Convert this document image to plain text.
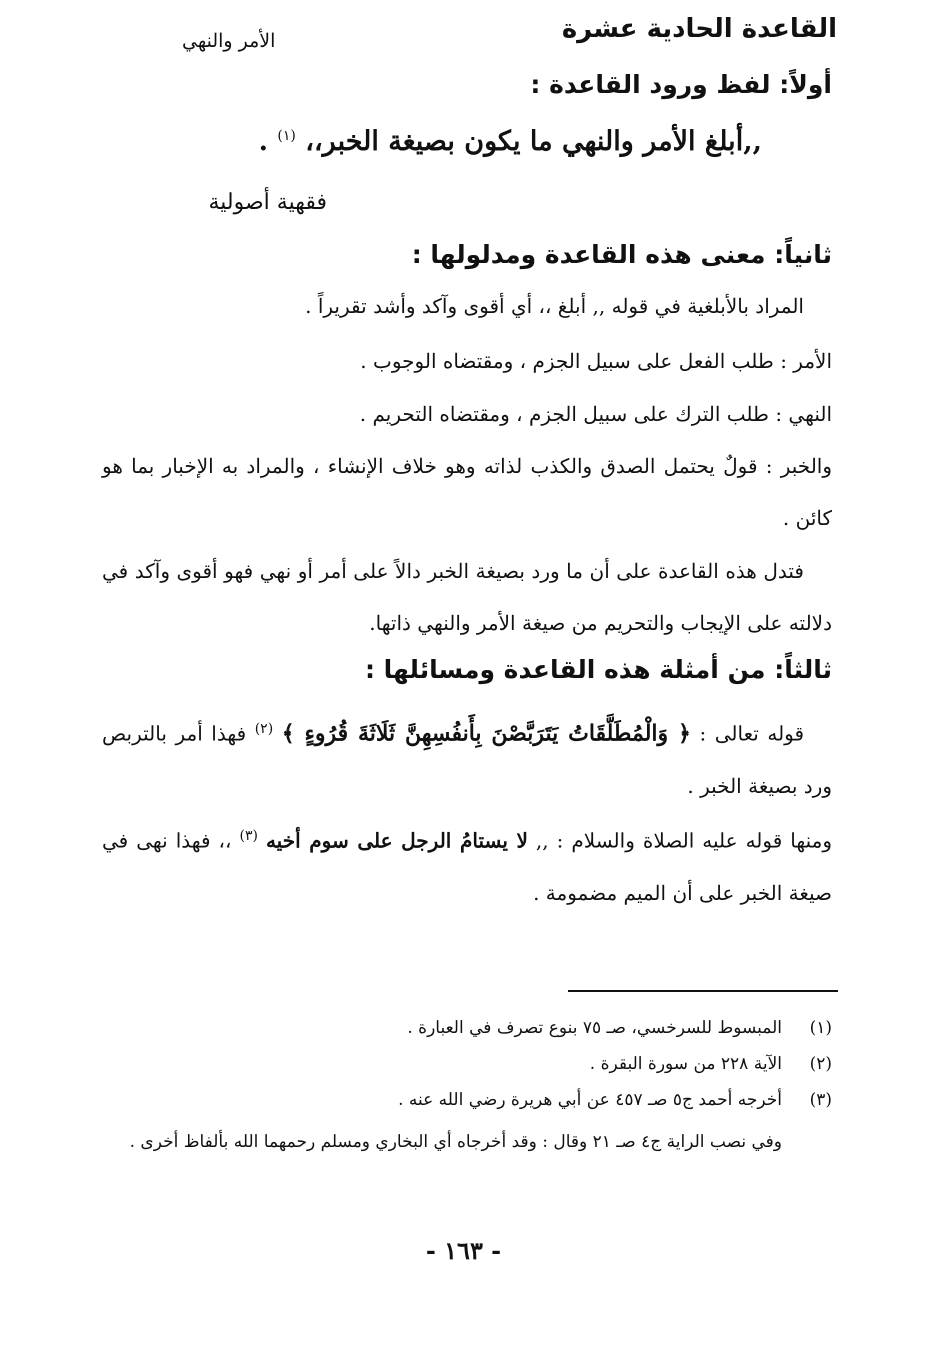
القاعدة الحادية عشرة
الأمر والنهي
أولاً: لفظ ورود القاعدة :
,,أبلغ الأمر والنهي ما يكون بصيغة الخبر،، $^{(١)}$ .
فقهية أصولية
ثانياً: معنى هذه القاعدة ومدلولها :
المراد بالأبلغية في قوله ,, أبلغ ،، أي أقوى وآكد وأشد تقريراً .
الأمر : طلب الفعل على سبيل الجزم ، ومقتضاه الوجوب .
النهي : طلب الترك على سبيل الجزم ، ومقتضاه التحريم .
والخبر : قولٌ يحتمل الصدق والكذب لذاته وهو خلاف الإنشاء ، والمراد به الإخبار بما هو كائن .
فتدل هذه القاعدة على أن ما ورد بصيغة الخبر دالاً على أمر أو نهي فهو أقوى وآكد في دلالته على الإيجاب والتحريم من صيغة الأمر والنهي ذاتها.
ثالثاً: من أمثلة هذه القاعدة ومسائلها :
قوله تعالى : ﴿ وَالْمُطَلَّقَاتُ يَتَرَبَّصْنَ بِأَنفُسِهِنَّ ثَلَاثَةَ قُرُوءٍ ﴾ $^{(٢)}$ فهذا أمر بالتربص ورد بصيغة الخبر .
ومنها قوله عليه الصلاة والسلام : ,, لا يستامُ الرجل على سوم أخيه $^{(٣)}$ ،، فهذا نهى في صيغة الخبر على أن الميم مضمومة .
(١)
المبسوط للسرخسي، صـ ٧٥ بنوع تصرف في العبارة .
(٢)
الآية ٢٢٨ من سورة البقرة .
(٣)
أخرجه أحمد ج٥ صـ ٤٥٧ عن أبي هريرة رضي الله عنه .
وفي نصب الراية ج٤ صـ ٢١ وقال : وقد أخرجاه أي البخاري ومسلم رحمهما الله بألفاظ أخرى .
- ١٦٣ -
